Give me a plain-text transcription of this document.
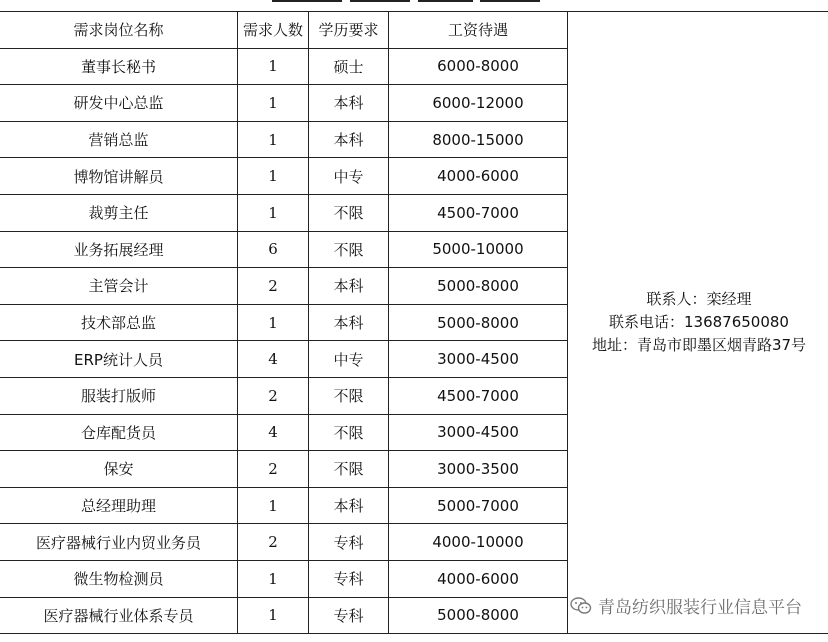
需求岗位名称	需求人数	学历要求	工资待遇	联系人：栾经理
联系电话：13687650080
地址：青岛市即墨区烟青路37号

董事长秘书	1	硕士	6000-8000	
研发中心总监	1	本科	6000-12000	
营销总监	1	本科	8000-15000	
博物馆讲解员	1	中专	4000-6000	
裁剪主任	1	不限	4500-7000	
业务拓展经理	6	不限	5000-10000	
主管会计	2	本科	5000-8000	
技术部总监	1	本科	5000-8000	
ERP统计人员	4	中专	3000-4500	
服装打版师	2	不限	4500-7000	
仓库配货员	4	不限	3000-4500	
保安	2	不限	3000-3500	
总经理助理	1	本科	5000-7000	
医疗器械行业内贸业务员	2	专科	4000-10000	
微生物检测员	1	专科	4000-6000	
医疗器械行业体系专员	1	专科	5000-8000		青岛纺织服装行业信息平台
